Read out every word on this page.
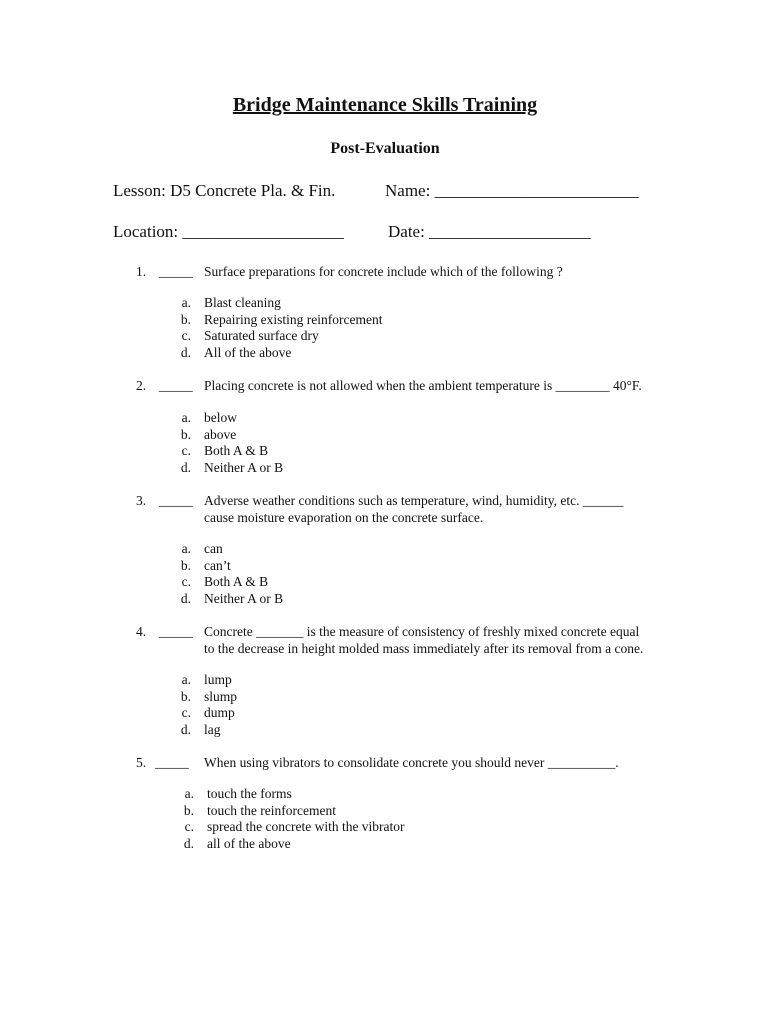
Bridge Maintenance Skills Training
Post-Evaluation
Lesson: D5 Concrete Pla. & Fin.	Name: ________________________
Location: ___________________	Date: ___________________
1. _____ Surface preparations for concrete include which of the following ?
a. Blast cleaning
b. Repairing existing reinforcement
c. Saturated surface dry
d. All of the above
2. _____ Placing concrete is not allowed when the ambient temperature is ________ 40°F.
a. below
b. above
c. Both A & B
d. Neither A or B
3. _____ Adverse weather conditions such as temperature, wind, humidity, etc. ______
cause moisture evaporation on the concrete surface.
a. can
b. can’t
c. Both A & B
d. Neither A or B
4. _____ Concrete _______ is the measure of consistency of freshly mixed concrete equal
to the decrease in height molded mass immediately after its removal from a cone.
a. lump
b. slump
c. dump
d. lag
5. _____ When using vibrators to consolidate concrete you should never __________.
a. touch the forms
b. touch the reinforcement
c. spread the concrete with the vibrator
d. all of the above
